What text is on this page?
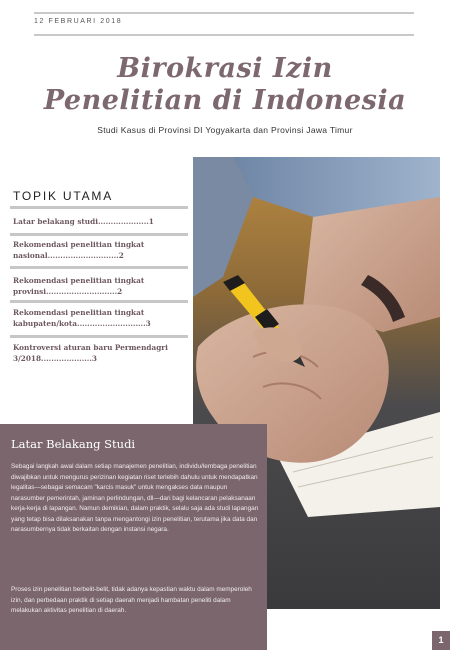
12 FEBRUARI 2018
Birokrasi Izin
Penelitian di Indonesia
Studi Kasus di Provinsi DI Yogyakarta dan Provinsi Jawa Timur
TOPIK UTAMA
Latar belakang studi....................1
Rekomendasi penelitian tingkat nasional............................2
Rekomendasi penelitian tingkat provinsi............................2
Rekomendasi penelitian tingkat kabupaten/kota...........................3
Kontroversi aturan baru Permendagri 3/2018....................3
Latar Belakang Studi
Sebagai langkah awal dalam setiap manajemen penelitian, individu/lembaga penelitian diwajibkan untuk mengurus perizinan kegiatan riset terlebih dahulu untuk mendapatkan legalitas—sebagai semacam "karcis masuk" untuk mengakses data maupun narasumber pemerintah, jaminan perlindungan, dll—dari bagi kelancaran pelaksanaan kerja-kerja di lapangan. Namun demikian, dalam praktik, selalu saja ada studi lapangan yang tetap bisa dilaksanakan tanpa mengantongi izin penelitian, terutama jika data dan narasumbernya tidak berkaitan dengan instansi negara.
Proses izin penelitian berbelit-belit, tidak adanya kepastian waktu dalam memperoleh izin, dan perbedaan praktik di setiap daerah menjadi hambatan peneliti dalam melakukan aktivitas penelitian di daerah.
1
